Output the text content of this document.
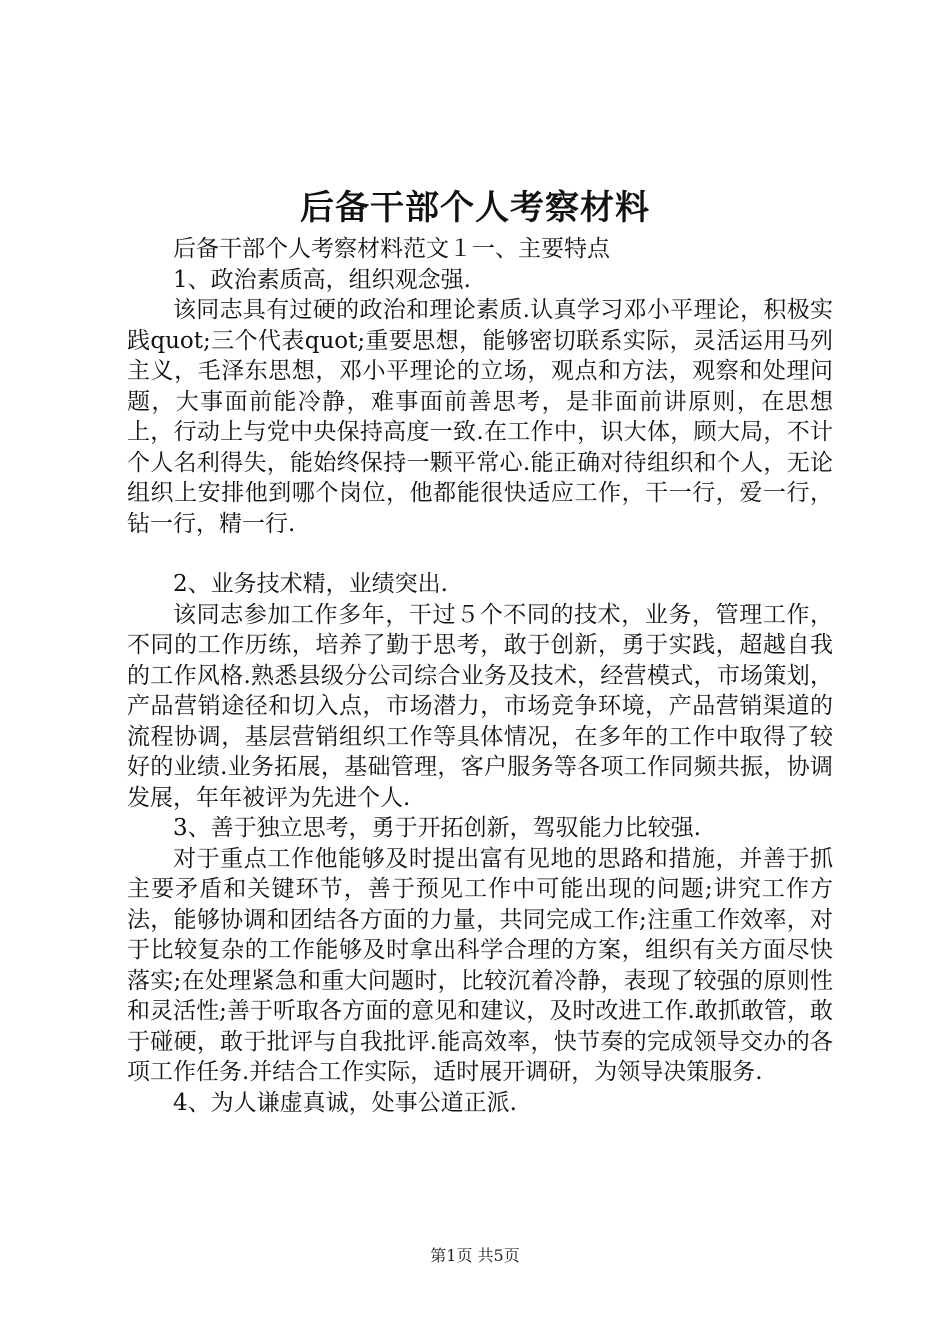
后备干部个人考察材料

后备干部个人考察材料范文１一、主要特点

1、政治素质高，组织观念强.

该同志具有过硬的政治和理论素质.认真学习邓小平理论，积极实践quot;三个代表quot;重要思想，能够密切联系实际，灵活运用马列主义，毛泽东思想，邓小平理论的立场，观点和方法，观察和处理问题，大事面前能冷静，难事面前善思考，是非面前讲原则，在思想上，行动上与党中央保持高度一致.在工作中，识大体，顾大局，不计个人名利得失，能始终保持一颗平常心.能正确对待组织和个人，无论组织上安排他到哪个岗位，他都能很快适应工作，干一行，爱一行，钻一行，精一行.

2、业务技术精，业绩突出.

该同志参加工作多年，干过５个不同的技术，业务，管理工作，不同的工作历练，培养了勤于思考，敢于创新，勇于实践，超越自我的工作风格.熟悉县级分公司综合业务及技术，经营模式，市场策划，产品营销途径和切入点，市场潜力，市场竞争环境，产品营销渠道的流程协调，基层营销组织工作等具体情况，在多年的工作中取得了较好的业绩.业务拓展，基础管理，客户服务等各项工作同频共振，协调发展，年年被评为先进个人.

3、善于独立思考，勇于开拓创新，驾驭能力比较强.

对于重点工作他能够及时提出富有见地的思路和措施，并善于抓主要矛盾和关键环节，善于预见工作中可能出现的问题;讲究工作方法，能够协调和团结各方面的力量，共同完成工作;注重工作效率，对于比较复杂的工作能够及时拿出科学合理的方案，组织有关方面尽快落实;在处理紧急和重大问题时，比较沉着冷静，表现了较强的原则性和灵活性;善于听取各方面的意见和建议，及时改进工作.敢抓敢管，敢于碰硬，敢于批评与自我批评.能高效率，快节奏的完成领导交办的各项工作任务.并结合工作实际，适时展开调研，为领导决策服务.

4、为人谦虚真诚，处事公道正派.

第1页 共5页
